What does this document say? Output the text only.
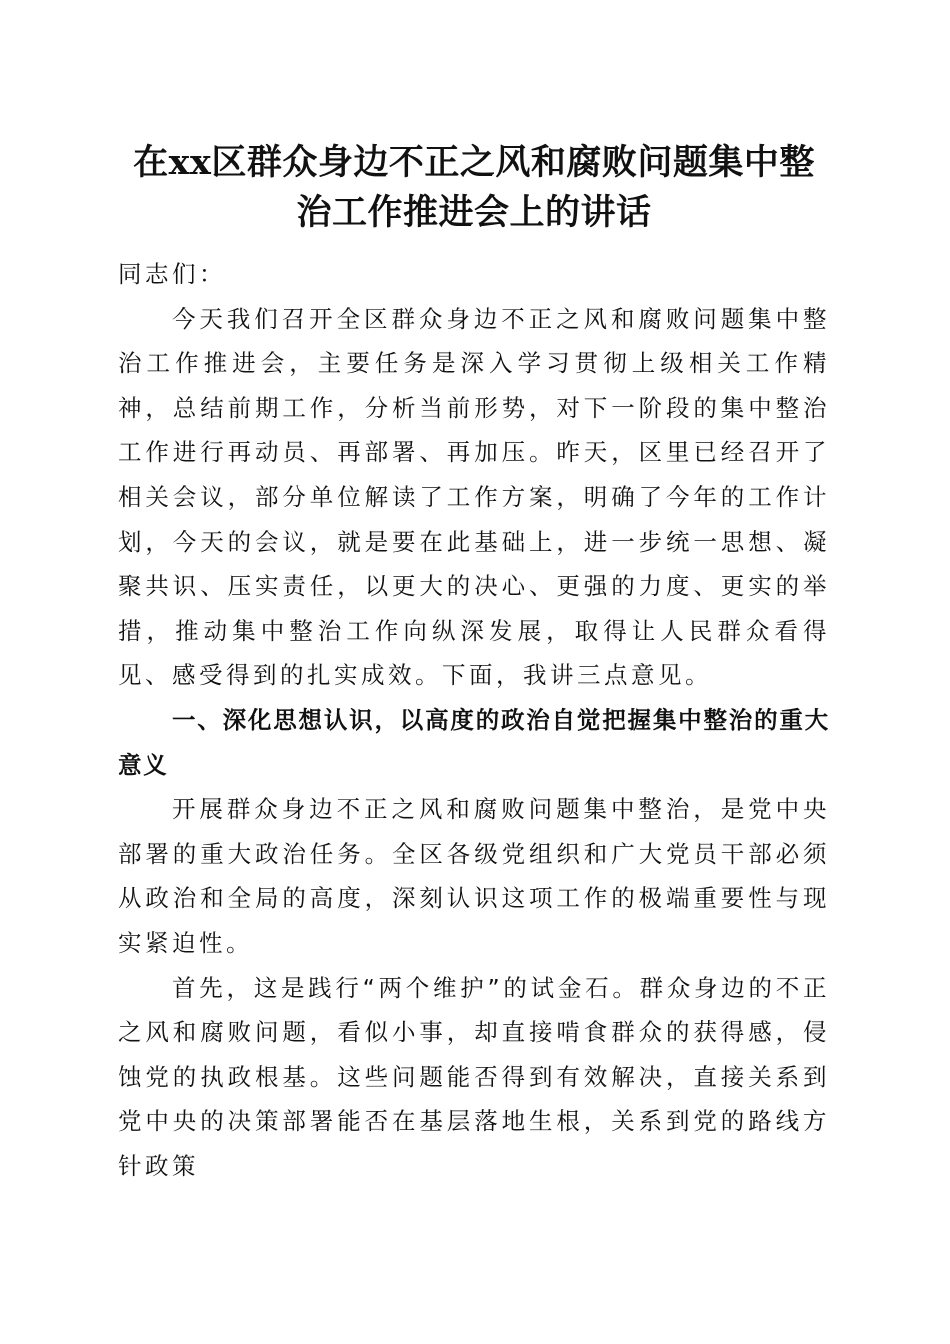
在xx区群众身边不正之风和腐败问题集中整
治工作推进会上的讲话

同志们：

今天我们召开全区群众身边不正之风和腐败问题集中整治工作推进会，主要任务是深入学习贯彻上级相关工作精神，总结前期工作，分析当前形势，对下一阶段的集中整治工作进行再动员、再部署、再加压。昨天，区里已经召开了相关会议，部分单位解读了工作方案，明确了今年的工作计划，今天的会议，就是要在此基础上，进一步统一思想、凝聚共识、压实责任，以更大的决心、更强的力度、更实的举措，推动集中整治工作向纵深发展，取得让人民群众看得见、感受得到的扎实成效。下面，我讲三点意见。

一、深化思想认识，以高度的政治自觉把握集中整治的重大意义

开展群众身边不正之风和腐败问题集中整治，是党中央部署的重大政治任务。全区各级党组织和广大党员干部必须从政治和全局的高度，深刻认识这项工作的极端重要性与现实紧迫性。

首先，这是践行“两个维护”的试金石。群众身边的不正之风和腐败问题，看似小事，却直接啃食群众的获得感，侵蚀党的执政根基。这些问题能否得到有效解决，直接关系到党中央的决策部署能否在基层落地生根，关系到党的路线方针政策
